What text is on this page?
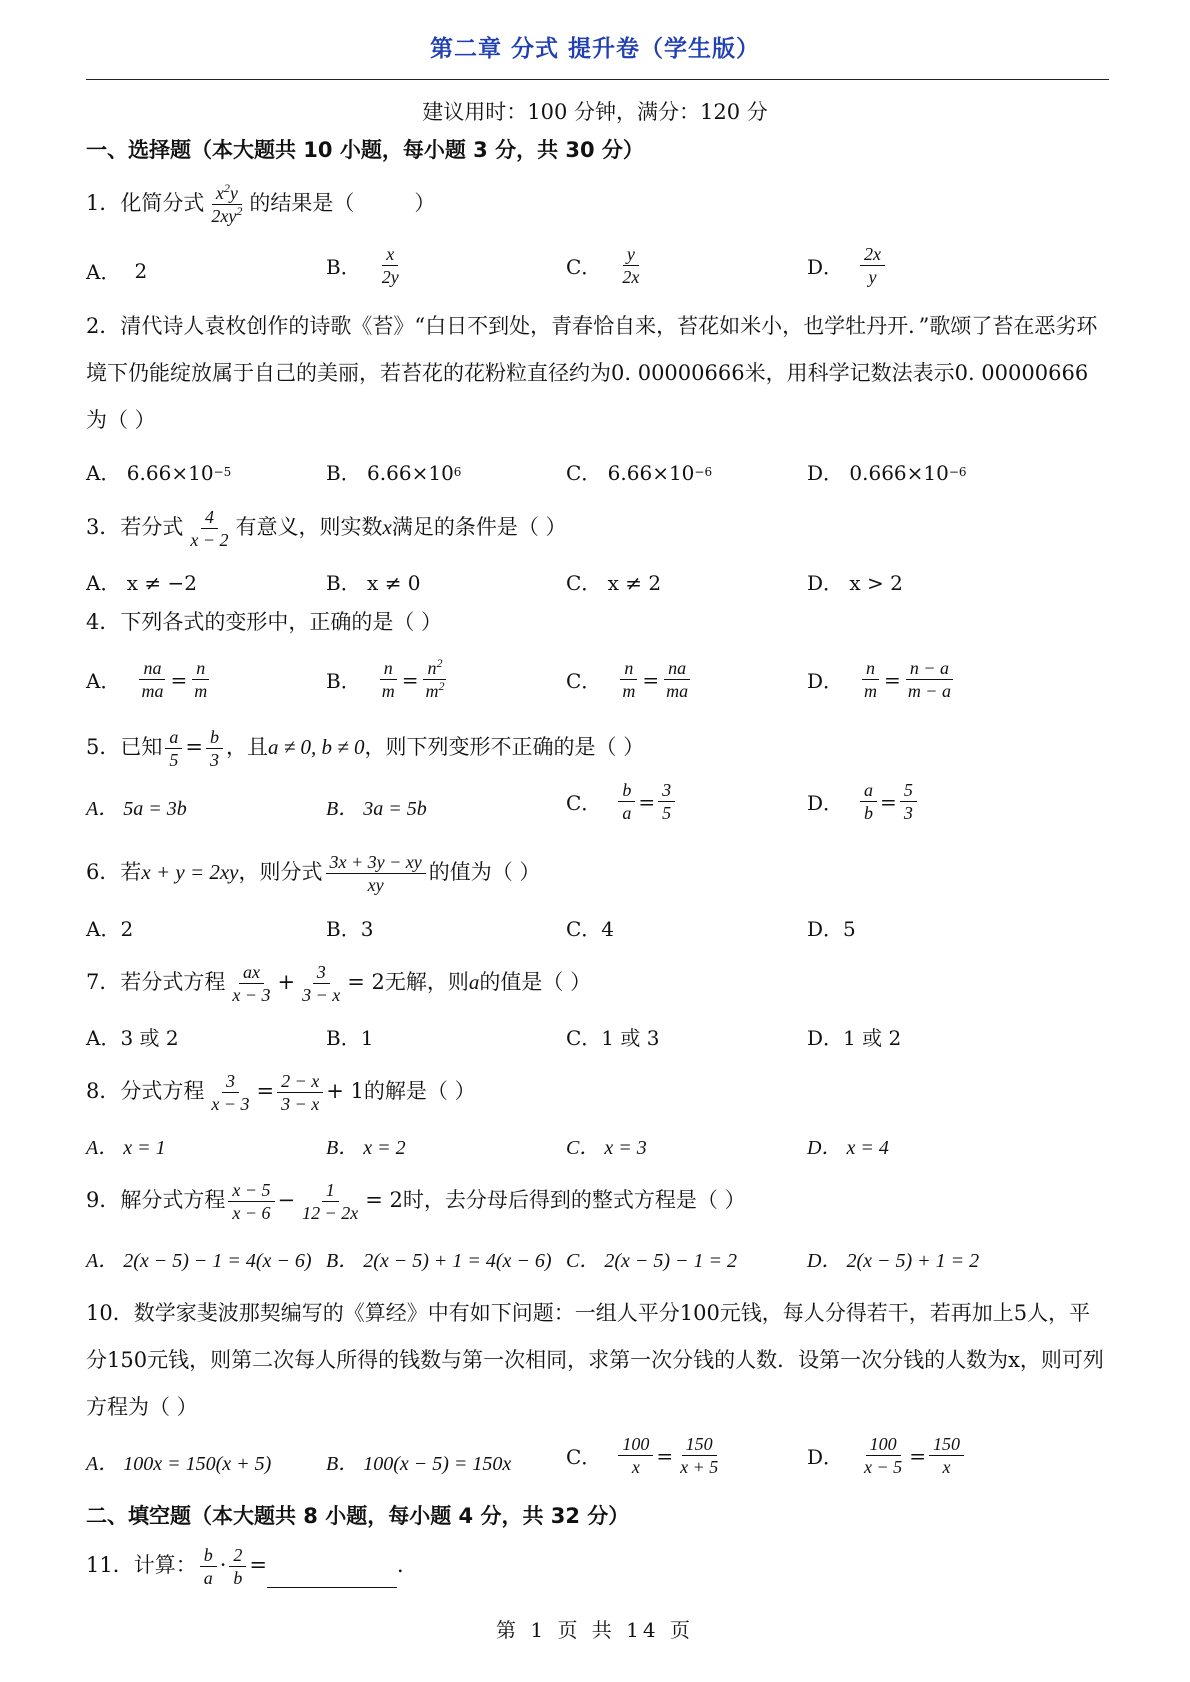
第二章 分式 提升卷（学生版）
建议用时：100 分钟，满分：120 分
一、选择题（本大题共 10 小题，每小题 3 分，共 30 分）
1．化简分式 $\frac{x^2y}{2xy^2}$ 的结果是（	）
A． 2	B． $\frac{x}{2y}$	C． $\frac{y}{2x}$	D． $\frac{2x}{y}$
2．清代诗人袁枚创作的诗歌《苔》“白日不到处，青春恰自来，苔花如米小，也学牡丹开．”歌颂了苔在恶劣环境下仍能绽放属于自己的美丽，若苔花的花粉粒直径约为0. 00000666米，用科学记数法表示0. 00000666 为（ ）
A． 6.66×10 −5	B． 6.66×10 6	C． 6.66×10 −6	D． 0.666×10 −6
3．若分式 $\frac{4}{x - 2}$ 有意义，则实数x满足的条件是（ ）
A． x ≠ −2	B． x ≠ 0	C． x ≠ 2	D． x > 2
4．下列各式的变形中，正确的是（ ）
A． $\frac{na}{ma} = \frac{n}{m}$	B． $\frac{n}{m} = \frac{n^2}{m^2}$	C． $\frac{n}{m} = \frac{na}{ma}$	D． $\frac{n}{m} = \frac{n - a}{m - a}$
5．已知 $\frac{a}{5} = \frac{b}{3}$ ，且a ≠ 0, b ≠ 0，则下列变形不正确的是（ ）
A． 5a = 3b	B． 3a = 5b	C． $\frac{b}{a} = \frac{3}{5}$	D． $\frac{a}{b} = \frac{5}{3}$
6．若x + y = 2xy，则分式 $\frac{3x + 3y - xy}{xy}$ 的值为（ ）
A．2	B．3	C．4	D．5
7．若分式方程 $\frac{ax}{x - 3} + \frac{3}{3 - x} = 2$无解，则a的值是（ ）
A．3 或 2	B．1	C．1 或 3	D．1 或 2
8．分式方程 $\frac{3}{x - 3} = \frac{2 - x}{3 - x} + 1$的解是（ ）
A． x = 1	B． x = 2	C． x = 3	D． x = 4
9．解分式方程 $\frac{x - 5}{x - 6} - \frac{1}{12 - 2x} = 2$时，去分母后得到的整式方程是（ ）
A． 2(x − 5) − 1 = 4(x − 6) B． 2(x − 5) + 1 = 4(x − 6) C． 2(x − 5) − 1 = 2	D． 2(x − 5) + 1 = 2
10．数学家斐波那契编写的《算经》中有如下问题：一组人平分100元钱，每人分得若干，若再加上5人，平分150元钱，则第二次每人所得的钱数与第一次相同，求第一次分钱的人数．设第一次分钱的人数为x，则可列方程为（ ）
A． 100x = 150(x + 5)	B． 100(x − 5) = 150x	C． $\frac{100}{x} = \frac{150}{x + 5}$	D． $\frac{100}{x - 5} = \frac{150}{x}$
二、填空题（本大题共 8 小题，每小题 4 分，共 32 分）
11．计算： $\frac{b}{a} \cdot \frac{2}{b}$ =	．
第 1 页 共 14 页
